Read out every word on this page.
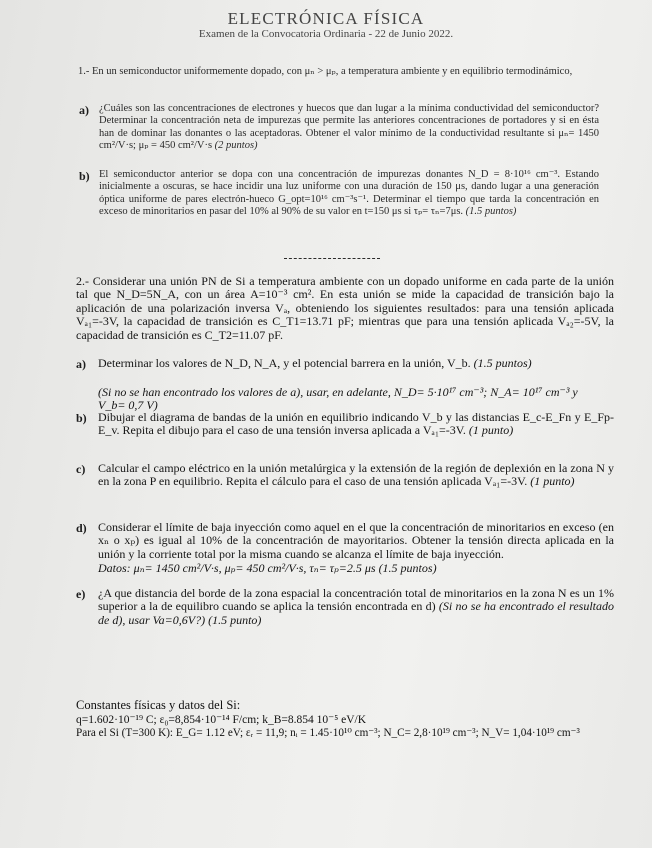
ELECTRÓNICA FÍSICA
Examen de la Convocatoria Ordinaria - 22 de Junio 2022.
1.- En un semiconductor uniformemente dopado, con μₙ > μₚ, a temperatura ambiente y en equilibrio termodinámico,
a) ¿Cuáles son las concentraciones de electrones y huecos que dan lugar a la mínima conductividad del semiconductor? Determinar la concentración neta de impurezas que permite las anteriores concentraciones de portadores y si en ésta han de dominar las donantes o las aceptadoras. Obtener el valor mínimo de la conductividad resultante si μₙ= 1450 cm²/V·s; μₚ = 450 cm²/V·s (2 puntos)
b) El semiconductor anterior se dopa con una concentración de impurezas donantes N_D = 8·10¹⁶ cm⁻³. Estando inicialmente a oscuras, se hace incidir una luz uniforme con una duración de 150 μs, dando lugar a una generación óptica uniforme de pares electrón-hueco G_opt=10¹⁶ cm⁻³s⁻¹. Determinar el tiempo que tarda la concentración en exceso de minoritarios en pasar del 10% al 90% de su valor en t=150 μs si τₚ= τₙ=7μs. (1.5 puntos)
2.- Considerar una unión PN de Si a temperatura ambiente con un dopado uniforme en cada parte de la unión tal que N_D=5N_A, con un área A=10⁻³ cm². En esta unión se mide la capacidad de transición bajo la aplicación de una polarización inversa Vₐ, obteniendo los siguientes resultados: para una tensión aplicada Vₐ₁=-3V, la capacidad de transición es C_T1=13.71 pF; mientras que para una tensión aplicada Vₐ₂=-5V, la capacidad de transición es C_T2=11.07 pF.
a) Determinar los valores de N_D, N_A, y el potencial barrera en la unión, V_b. (1.5 puntos)
(Si no se han encontrado los valores de a), usar, en adelante, N_D= 5·10¹⁷ cm⁻³; N_A= 10¹⁷ cm⁻³ y V_b= 0,7 V)
b) Dibujar el diagrama de bandas de la unión en equilibrio indicando V_b y las distancias E_c-E_Fn y E_Fp-E_v. Repita el dibujo para el caso de una tensión inversa aplicada a Vₐ₁=-3V. (1 punto)
c) Calcular el campo eléctrico en la unión metalúrgica y la extensión de la región de deplexión en la zona N y en la zona P en equilibrio. Repita el cálculo para el caso de una tensión aplicada Vₐ₁=-3V. (1 punto)
d) Considerar el límite de baja inyección como aquel en el que la concentración de minoritarios en exceso (en xₙ o xₚ) es igual al 10% de la concentración de mayoritarios. Obtener la tensión directa aplicada en la unión y la corriente total por la misma cuando se alcanza el límite de baja inyección.
Datos: μₙ= 1450 cm²/V·s, μₚ= 450 cm²/V·s, τₙ= τₚ=2.5 μs (1.5 puntos)
e) ¿A que distancia del borde de la zona espacial la concentración total de minoritarios en la zona N es un 1% superior a la de equilibro cuando se aplica la tensión encontrada en d) (Si no se ha encontrado el resultado de d), usar Va=0,6V?) (1.5 punto)
Constantes físicas y datos del Si:
q=1.602·10⁻¹⁹ C; ε₀=8,854·10⁻¹⁴ F/cm; k_B=8.854 10⁻⁵ eV/K
Para el Si (T=300 K): E_G= 1.12 eV; εᵣ = 11,9; nᵢ = 1.45·10¹⁰ cm⁻³; N_C= 2,8·10¹⁹ cm⁻³; N_V= 1,04·10¹⁹ cm⁻³
